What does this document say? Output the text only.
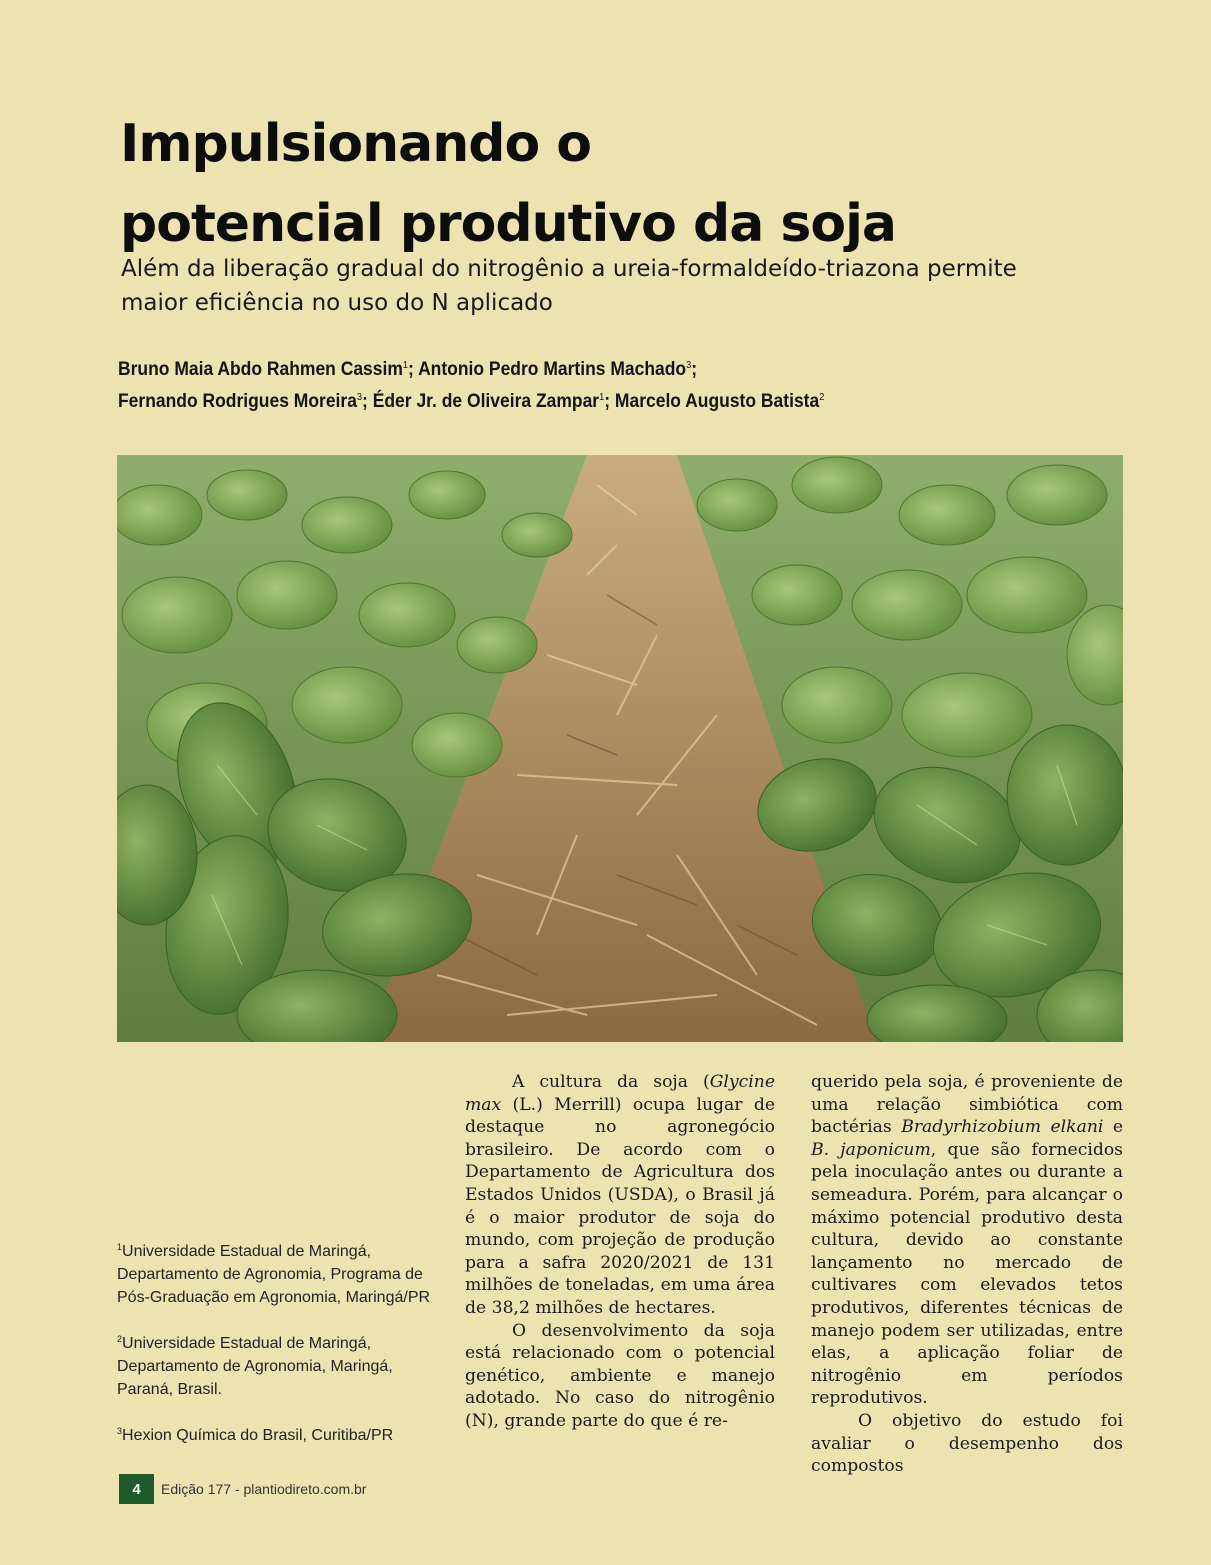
Impulsionando o
potencial produtivo da soja

Além da liberação gradual do nitrogênio a ureia-formaldeído-triazona permite
maior eficiência no uso do N aplicado

Bruno Maia Abdo Rahmen Cassim$^1$; Antonio Pedro Martins Machado$^3$;
Fernando Rodrigues Moreira$^3$; Éder Jr. de Oliveira Zampar$^1$; Marcelo Augusto Batista$^2$
$^1$Universidade Estadual de Maringá,
Departamento de Agronomia, Programa de
Pós-Graduação em Agronomia, Maringá/PR
$^2$Universidade Estadual de Maringá,
Departamento de Agronomia, Maringá,
Paraná, Brasil.
$^3$Hexion Química do Brasil, Curitiba/PR

A cultura da soja (Glycine max (L.) Merrill) ocupa lugar de destaque no agronegócio brasileiro. De acordo com o Departamento de Agricultura dos Estados Unidos (USDA), o Brasil já é o maior produtor de soja do mundo, com projeção de produção para a safra 2020/2021 de 131 milhões de toneladas, em uma área de 38,2 milhões de hectares.

O desenvolvimento da soja está relacionado com o potencial genético, ambiente e manejo adotado. No caso do nitrogênio (N), grande parte do que é re-

querido pela soja, é proveniente de uma relação simbiótica com bactérias Bradyrhizobium elkani e B. japonicum, que são fornecidos pela inoculação antes ou durante a semeadura. Porém, para alcançar o máximo potencial produtivo desta cultura, devido ao constante lançamento no mercado de cultivares com elevados tetos produtivos, diferentes técnicas de manejo podem ser utilizadas, entre elas, a aplicação foliar de nitrogênio em períodos reprodutivos.

O objetivo do estudo foi avaliar o desempenho dos compostos

4	Edição 177 - plantiodireto.com.br
